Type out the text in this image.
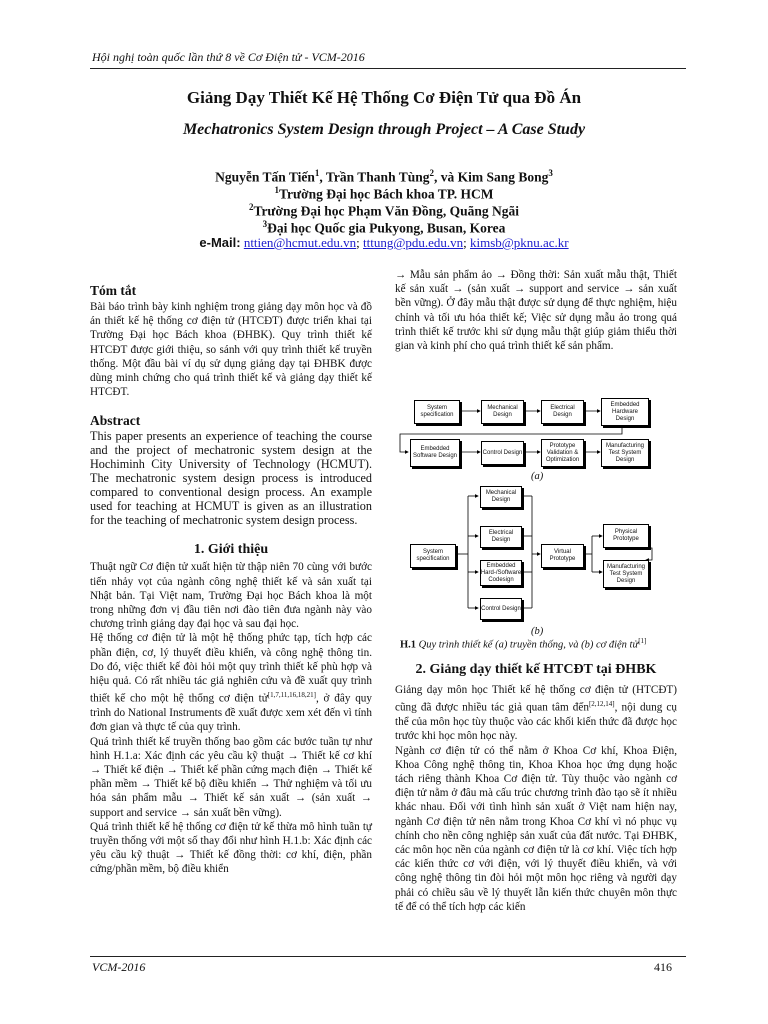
Hội nghị toàn quốc lần thứ 8 về Cơ Điện tử - VCM-2016
Giảng Dạy Thiết Kế Hệ Thống Cơ Điện Tử qua Đồ Án
Mechatronics System Design through Project – A Case Study
Nguyễn Tấn Tiến$^1$, Trần Thanh Tùng$^2$, và Kim Sang Bong$^3$
$^1$Trường Đại học Bách khoa TP. HCM
$^2$Trường Đại học Phạm Văn Đồng, Quãng Ngãi
$^3$Đại học Quốc gia Pukyong, Busan, Korea
e-Mail: nttien@hcmut.edu.vn; tttung@pdu.edu.vn; kimsb@pknu.ac.kr
Tóm tắt
Bài báo trình bày kinh nghiệm trong giảng dạy môn học và đồ án thiết kế hệ thống cơ điện tử (HTCĐT) được triển khai tại Trường Đại học Bách khoa (ĐHBK). Quy trình thiết kế HTCĐT được giới thiệu, so sánh với quy trình thiết kế truyền thống. Một đầu bài ví dụ sử dụng giảng dạy tại ĐHBK được dùng minh chứng cho quá trình thiết kế và giảng dạy thiết kế HTCĐT.
Abstract
This paper presents an experience of teaching the course and the project of mechatronic system design at the Hochiminh City University of Technology (HCMUT). The mechatronic system design process is introduced compared to conventional design process. An example used for teaching at HCMUT is given as an illustration for the teaching of mechatronic system design process.
1. Giới thiệu

Thuật ngữ Cơ điện tử xuất hiện từ thập niên 70 cùng với bước tiến nhảy vọt của ngành công nghệ thiết kế và sản xuất tại Nhật bản. Tại Việt nam, Trường Đại học Bách khoa là một trong những đơn vị đầu tiên nơi đào tiên đưa ngành này vào chương trình giảng dạy đại học và sau đại học.

Hệ thống cơ điện tử là một hệ thống phức tạp, tích hợp các phần điện, cơ, lý thuyết điều khiển, và công nghệ thông tin. Do đó, việc thiết kế đòi hỏi một quy trình thiết kế phù hợp và hiệu quả. Có rất nhiều tác giả nghiên cứu và đề xuất quy trình thiết kế cho một hệ thống cơ điện tử[1,7,11,16,18,21], ở đây quy trình do National Instruments đề xuất được xem xét đến vì tính đơn gian và thực tế của quy trình.

Quá trình thiết kế truyền thống bao gồm các bước tuần tự như hình H.1.a: Xác định các yêu cầu kỹ thuật → Thiết kế cơ khí → Thiết kế điện → Thiết kế phần cứng mạch điện → Thiết kế phần mềm → Thiết kế bộ điều khiển → Thử nghiệm và tối ưu hóa sản phẩm mẫu → Thiết kế sản xuất → (sản xuất → support and service → sản xuất bền vững).

Quá trình thiết kế hệ thống cơ điện tử kế thừa mô hình tuần tự truyền thống với một số thay đổi như hình H.1.b: Xác định các yêu cầu kỹ thuật → Thiết kế đồng thời: cơ khí, điện, phần cứng/phần mềm, bộ điều khiển

→ Mẫu sản phẩm ảo → Đồng thời: Sản xuất mẫu thật, Thiết kế sản xuất → (sản xuất → support and service → sản xuất bền vững). Ở đây mẫu thật được sử dụng để thực nghiệm, hiệu chỉnh và tối ưu hóa thiết kế; Việc sử dụng mẫu ảo trong quá trình thiết kế trước khi sử dụng mẫu thật giúp giảm thiểu thời gian và kinh phí cho quá trình thiết kế sản phẩm.
System specification
Mechanical Design
Electrical Design
Embedded Hardware Design
Embedded Software Design
Control Design
Prototype Validation & Optimization
Manufacturing Test System Design
(a)
Mechanical Design
Electrical Design
System specification
Embedded Hard-/Software Codesign
Virtual Prototype
Physical Prototype
Manufacturing Test System Design
Control Design
(b)
H.1 Quy trình thiết kế (a) truyền thống, và (b) cơ điện tử[1]
2. Giảng dạy thiết kế HTCĐT tại ĐHBK

Giảng dạy môn học Thiết kế hệ thống cơ điện tử (HTCĐT) cũng đã được nhiều tác giả quan tâm đến[2,12,14], nội dung cụ thể của môn học tùy thuộc vào các khối kiến thức đã được học trước khi học môn học này.

Ngành cơ điện tử có thể nằm ở Khoa Cơ khí, Khoa Điện, Khoa Công nghệ thông tin, Khoa Khoa học ứng dụng hoặc tách riêng thành Khoa Cơ điện tử. Tùy thuộc vào ngành cơ điện tử nằm ở đâu mà cấu trúc chương trình đào tạo sẽ ít nhiều khác nhau. Đối với tình hình sản xuất ở Việt nam hiện nay, ngành Cơ điện tử nên nằm trong Khoa Cơ khí vì nó phục vụ chính cho nền công nghiệp sản xuất của đất nước. Tại ĐHBK, các môn học nền của ngành cơ điện tử là cơ khí. Việc tích hợp các kiến thức cơ với điện, với lý thuyết điều khiển, và với công nghệ thông tin đòi hỏi một môn học riêng và người dạy phải có chiều sâu về lý thuyết lẫn kiến thức chuyên môn thực tế để có thể tích hợp các kiến

VCM-2016	416
